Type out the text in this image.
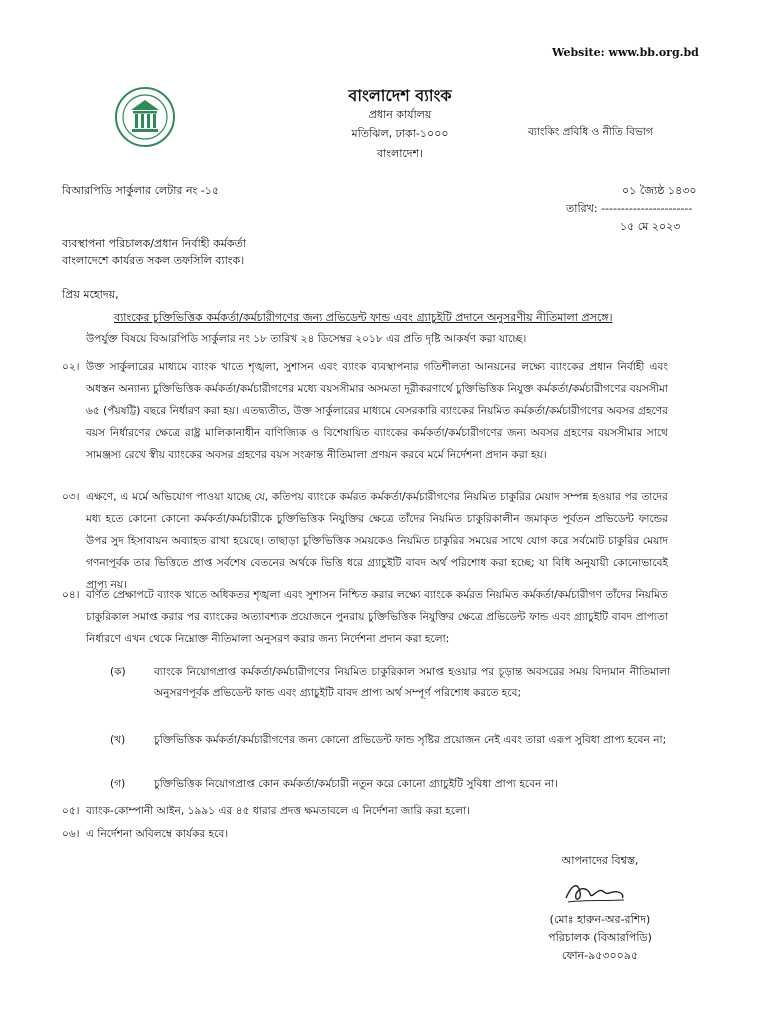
Website: www.bb.org.bd
বাংলাদেশ ব্যাংক
প্রধান কার্যালয়
মতিঝিল, ঢাকা-১০০০
বাংলাদেশ।
ব্যাংকিং প্রবিধি ও নীতি বিভাগ
বিআরপিডি সার্কুলার লেটার নং -১৫	০১ জ্যৈষ্ঠ ১৪৩০
তারিখ: -----------------------
১৫ মে ২০২৩
ব্যবস্থাপনা পরিচালক/প্রধান নির্বাহী কর্মকর্তা
বাংলাদেশে কার্যরত সকল তফসিলি ব্যাংক।
প্রিয় মহোদয়,
ব্যাংকের চুক্তিভিত্তিক কর্মকর্তা/কর্মচারীগণের জন্য প্রভিডেন্ট ফান্ড এবং গ্র্যাচুইটি প্রদানে অনুসরণীয় নীতিমালা প্রসঙ্গে।
উপর্যুক্ত বিষয়ে বিআরপিডি সার্কুলার নং ১৮ তারিখ ২৪ ডিসেম্বর ২০১৮ এর প্রতি দৃষ্টি আকর্ষণ করা যাচ্ছে।
০২। উক্ত সার্কুলারের মাধ্যমে ব্যাংক খাতে শৃঙ্খলা, সুশাসন এবং ব্যাংক ব্যবস্থাপনার গতিশীলতা আনয়নের লক্ষ্যে ব্যাংকের প্রধান নির্বাহী এবং অধস্তন অন্যান্য চুক্তিভিত্তিক কর্মকর্তা/কর্মচারীগণের মধ্যে বয়সসীমার অসমতা দূরীকরণার্থে চুক্তিভিত্তিক নিযুক্ত কর্মকর্তা/কর্মচারীগণের বয়সসীমা ৬৫ (পঁয়ষট্টি) বছরে নির্ধারণ করা হয়। এতদ্ব্যতীত, উক্ত সার্কুলারের মাধ্যমে বেসরকারি ব্যাংকের নিয়মিত কর্মকর্তা/কর্মচারীগণের অবসর গ্রহণের বয়স নির্ধারণের ক্ষেত্রে রাষ্ট্র মালিকানাধীন বাণিজ্যিক ও বিশেষায়িত ব্যাংকের কর্মকর্তা/কর্মচারীগণের জন্য অবসর গ্রহণের বয়সসীমার সাথে সামঞ্জস্য রেখে স্বীয় ব্যাংকের অবসর গ্রহণের বয়স সংক্রান্ত নীতিমালা প্রণয়ন করবে মর্মে নির্দেশনা প্রদান করা হয়।
০৩। এক্ষণে, এ মর্মে অভিযোগ পাওয়া যাচ্ছে যে, কতিপয় ব্যাংকে কর্মরত কর্মকর্তা/কর্মচারীগণের নিয়মিত চাকুরির মেয়াদ সম্পন্ন হওয়ার পর তাদের মধ্য হতে কোনো কোনো কর্মকর্তা/কর্মচারীকে চুক্তিভিত্তিক নিযুক্তির ক্ষেত্রে তাঁদের নিয়মিত চাকুরিকালীন জমাকৃত পূর্বতন প্রভিডেন্ট ফান্ডের উপর সুদ হিসাবায়ন অব্যাহত রাখা হয়েছে। তাছাড়া চুক্তিভিত্তিক সময়কেও নিয়মিত চাকুরির সময়ের সাথে যোগ করে সর্বমোট চাকুরির মেয়াদ গণনাপূর্বক তার ভিত্তিতে প্রাপ্ত সর্বশেষ বেতনের অর্থকে ভিত্তি ধরে গ্র্যাচুইটি বাবদ অর্থ পরিশোধ করা হচ্ছে; যা বিধি অনুযায়ী কোনোভাবেই প্রাপ্য নয়।
০৪। বর্ণিত প্রেক্ষাপটে ব্যাংক খাতে অধিকতর শৃঙ্খলা এবং সুশাসন নিশ্চিত করার লক্ষ্যে ব্যাংকে কর্মরত নিয়মিত কর্মকর্তা/কর্মচারীগণ তাঁদের নিয়মিত চাকুরিকাল সমাপ্ত করার পর ব্যাংকের অত্যাবশ্যক প্রয়োজনে পুনরায় চুক্তিভিত্তিক নিযুক্তির ক্ষেত্রে প্রভিডেন্ট ফান্ড এবং গ্র্যাচুইটি বাবদ প্রাপ্যতা নির্ধারণে এখন থেকে নিম্নোক্ত নীতিমালা অনুসরণ করার জন্য নির্দেশনা প্রদান করা হলো:
(ক)	ব্যাংকে নিয়োগপ্রাপ্ত কর্মকর্তা/কর্মচারীগণের নিয়মিত চাকুরিকাল সমাপ্ত হওয়ার পর চূড়ান্ত অবসরের সময় বিদ্যমান নীতিমালা অনুসরণপূর্বক প্রভিডেন্ট ফান্ড এবং গ্র্যাচুইটি বাবদ প্রাপ্য অর্থ সম্পূর্ণ পরিশোধ করতে হবে;
(খ)	চুক্তিভিত্তিক কর্মকর্তা/কর্মচারীগণের জন্য কোনো প্রভিডেন্ট ফান্ড সৃষ্টির প্রয়োজন নেই এবং তারা এরূপ সুবিধা প্রাপ্য হবেন না;
(গ)	চুক্তিভিত্তিক নিয়োগপ্রাপ্ত কোন কর্মকর্তা/কর্মচারী নতুন করে কোনো গ্র্যাচুইটি সুবিধা প্রাপ্য হবেন না।
০৫। ব্যাংক-কোম্পানী আইন, ১৯৯১ এর ৪৫ ধারার প্রদত্ত ক্ষমতাবলে এ নির্দেশনা জারি করা হলো।
০৬। এ নির্দেশনা অবিলম্বে কার্যকর হবে।
আপনাদের বিশ্বস্ত,
(মোঃ হারুন-অর-রশিদ)
পরিচালক (বিআরপিডি)
ফোন-৯৫৩০০৯৫
